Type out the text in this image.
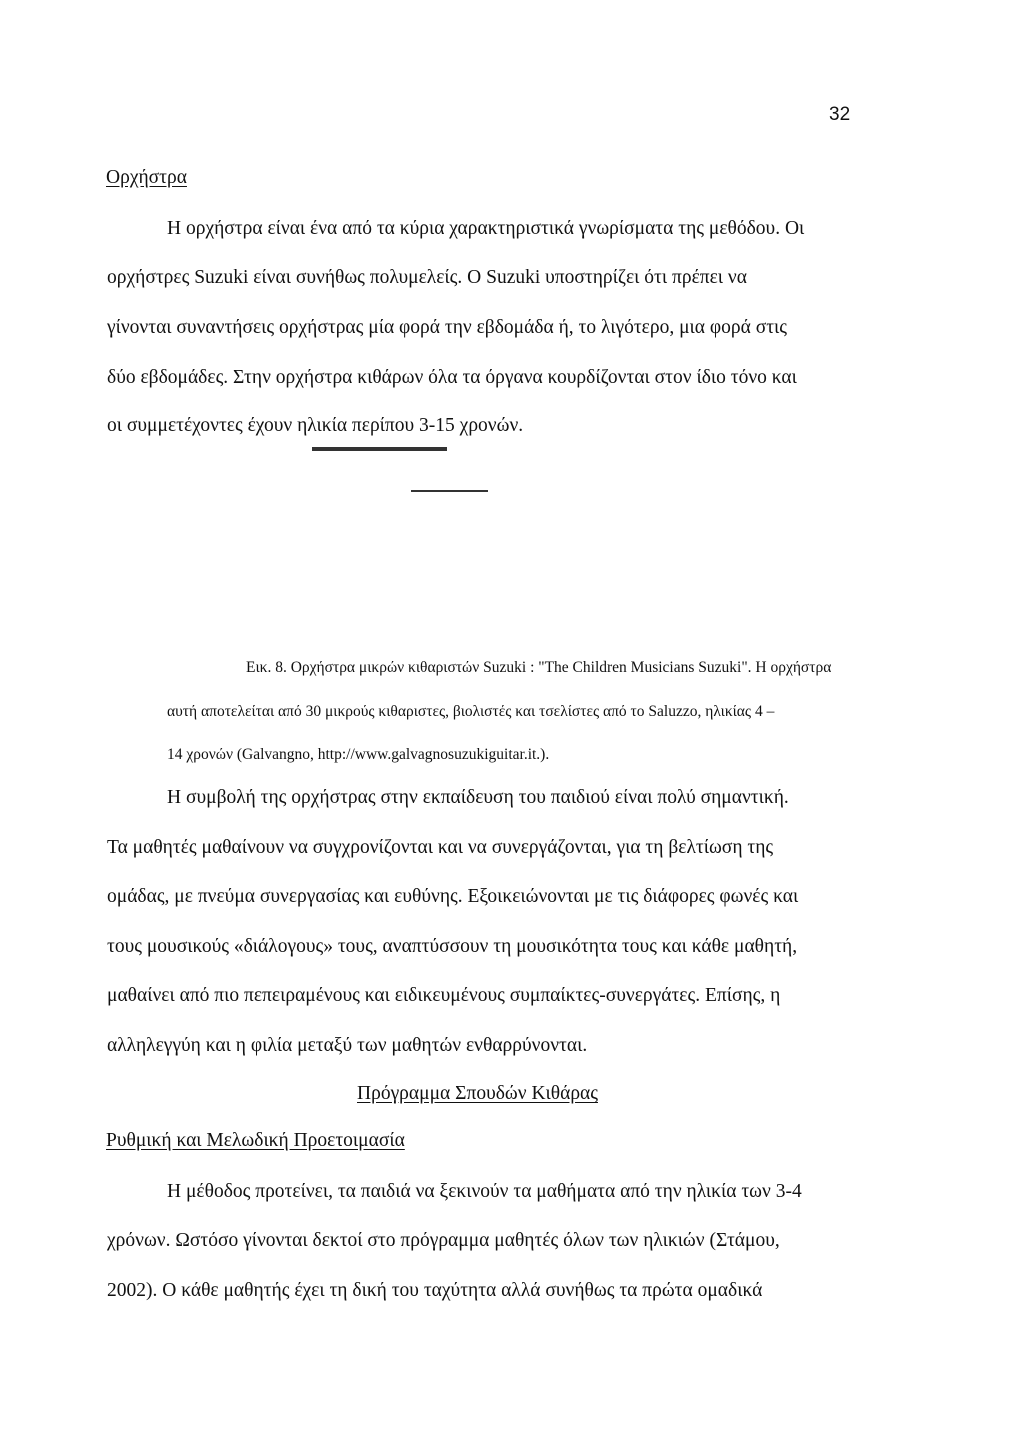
32
Ορχήστρα
Η ορχήστρα είναι ένα από τα κύρια χαρακτηριστικά γνωρίσματα της μεθόδου. Οι
ορχήστρες Suzuki είναι συνήθως πολυμελείς. Ο Suzuki υποστηρίζει ότι πρέπει να
γίνονται συναντήσεις ορχήστρας μία φορά την εβδομάδα ή, το λιγότερο, μια φορά στις
δύο εβδομάδες. Στην ορχήστρα κιθάρων όλα τα όργανα κουρδίζονται στον ίδιο τόνο και
οι συμμετέχοντες έχουν ηλικία περίπου 3-15 χρονών.
Εικ. 8. Ορχήστρα μικρών κιθαριστών Suzuki : "The Children Musicians Suzuki". Η ορχήστρα
αυτή αποτελείται από 30 μικρούς κιθαριστες, βιολιστές και τσελίστες από το Saluzzo, ηλικίας 4 –
14 χρονών (Galvangno, http://www.galvagnosuzukiguitar.it.).
Η συμβολή της ορχήστρας στην εκπαίδευση του παιδιού είναι πολύ σημαντική.
Τα μαθητές μαθαίνουν να συγχρονίζονται και να συνεργάζονται, για τη βελτίωση της
ομάδας, με πνεύμα συνεργασίας και ευθύνης. Εξοικειώνονται με τις διάφορες φωνές και
τους μουσικούς «διάλογους» τους, αναπτύσσουν τη μουσικότητα τους και κάθε μαθητή,
μαθαίνει από πιο πεπειραμένους και ειδικευμένους συμπαίκτες-συνεργάτες. Επίσης, η
αλληλεγγύη και η φιλία μεταξύ των μαθητών ενθαρρύνονται.
Πρόγραμμα Σπουδών Κιθάρας
Ρυθμική και Μελωδική Προετοιμασία
Η μέθοδος προτείνει, τα παιδιά να ξεκινούν τα μαθήματα από την ηλικία των 3-4
χρόνων. Ωστόσο γίνονται δεκτοί στο πρόγραμμα μαθητές όλων των ηλικιών (Στάμου,
2002). Ο κάθε μαθητής έχει τη δική του ταχύτητα αλλά συνήθως τα πρώτα ομαδικά
